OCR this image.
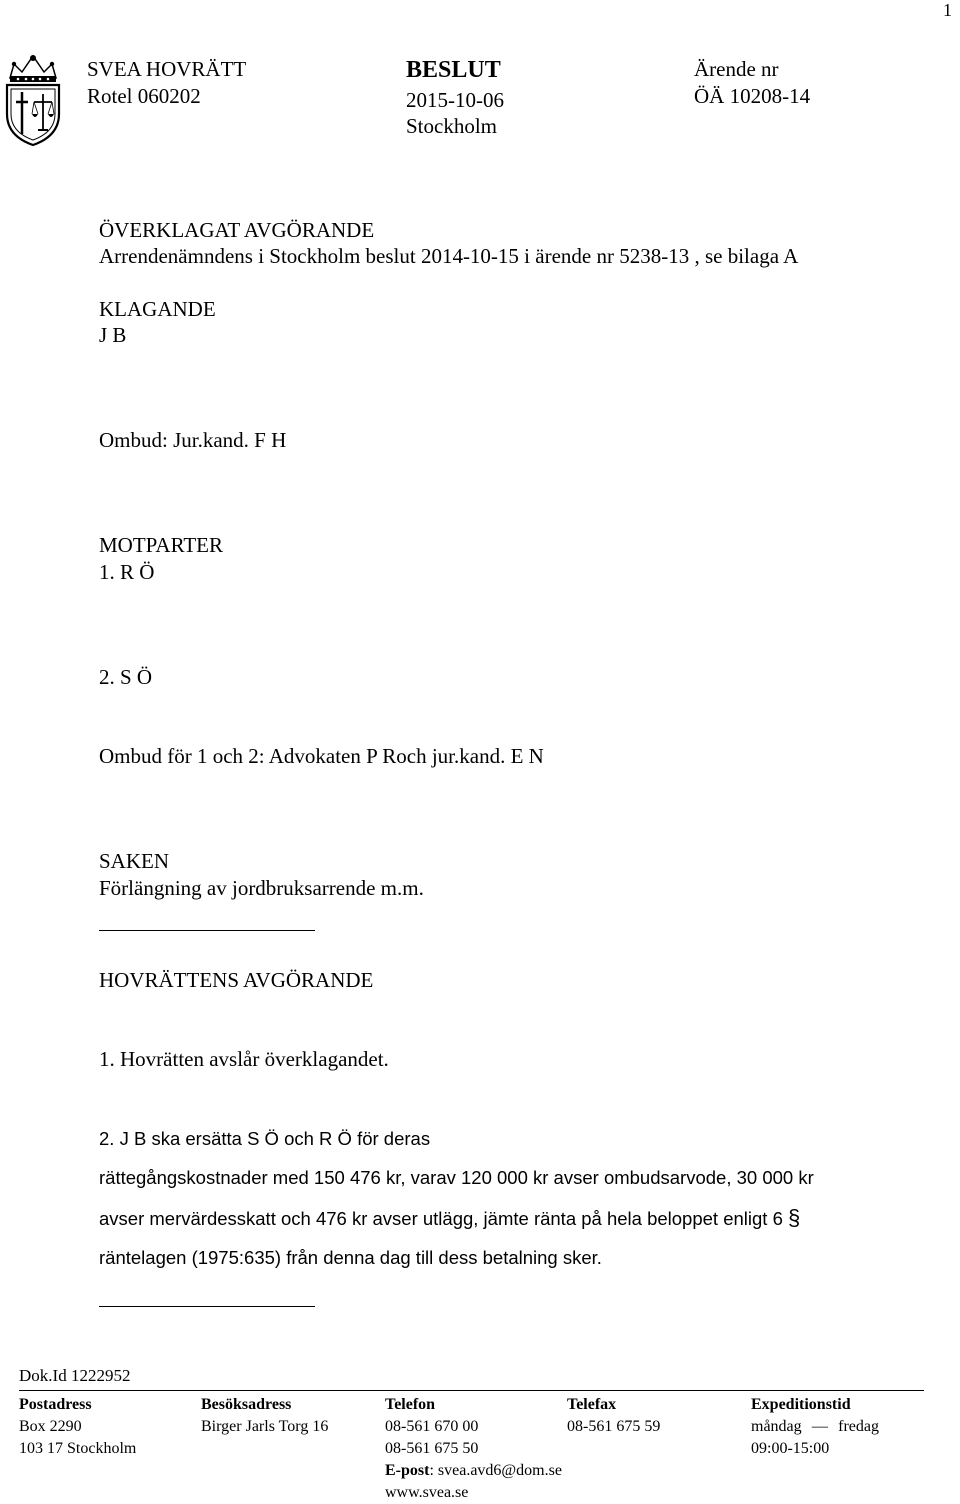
1
SVEA HOVRÄTT
Rotel 060202
BESLUT
2015-10-06
Stockholm
Ärende nr
ÖÄ 10208-14
ÖVERKLAGAT AVGÖRANDE
Arrendenämndens i Stockholm beslut 2014-10-15 i ärende nr 5238-13 , se bilaga A
KLAGANDE
J B
Ombud: Jur.kand. F H
MOTPARTER
1. R Ö
2. S Ö
Ombud för 1 och 2: Advokaten P Roch jur.kand. E N
SAKEN
Förlängning av jordbruksarrende m.m.
HOVRÄTTENS AVGÖRANDE
1. Hovrätten avslår överklagandet.
2. J B ska ersätta S Ö och R Ö för deras
rättegångskostnader med 150 476 kr, varav 120 000 kr avser ombudsarvode, 30 000 kr
avser mervärdesskatt och 476 kr avser utlägg, jämte ränta på hela beloppet enligt 6 §
räntelagen (1975:635) från denna dag till dess betalning sker.
Dok.Id 1222952
Postadress
Box 2290
103 17 Stockholm
Besöksadress
Birger Jarls Torg 16
Telefon
08-561 670 00
08-561 675 50
E-post: svea.avd6@dom.se
www.svea.se
Telefax
08-561 675 59
Expeditionstid
måndag — fredag
09:00-15:00
